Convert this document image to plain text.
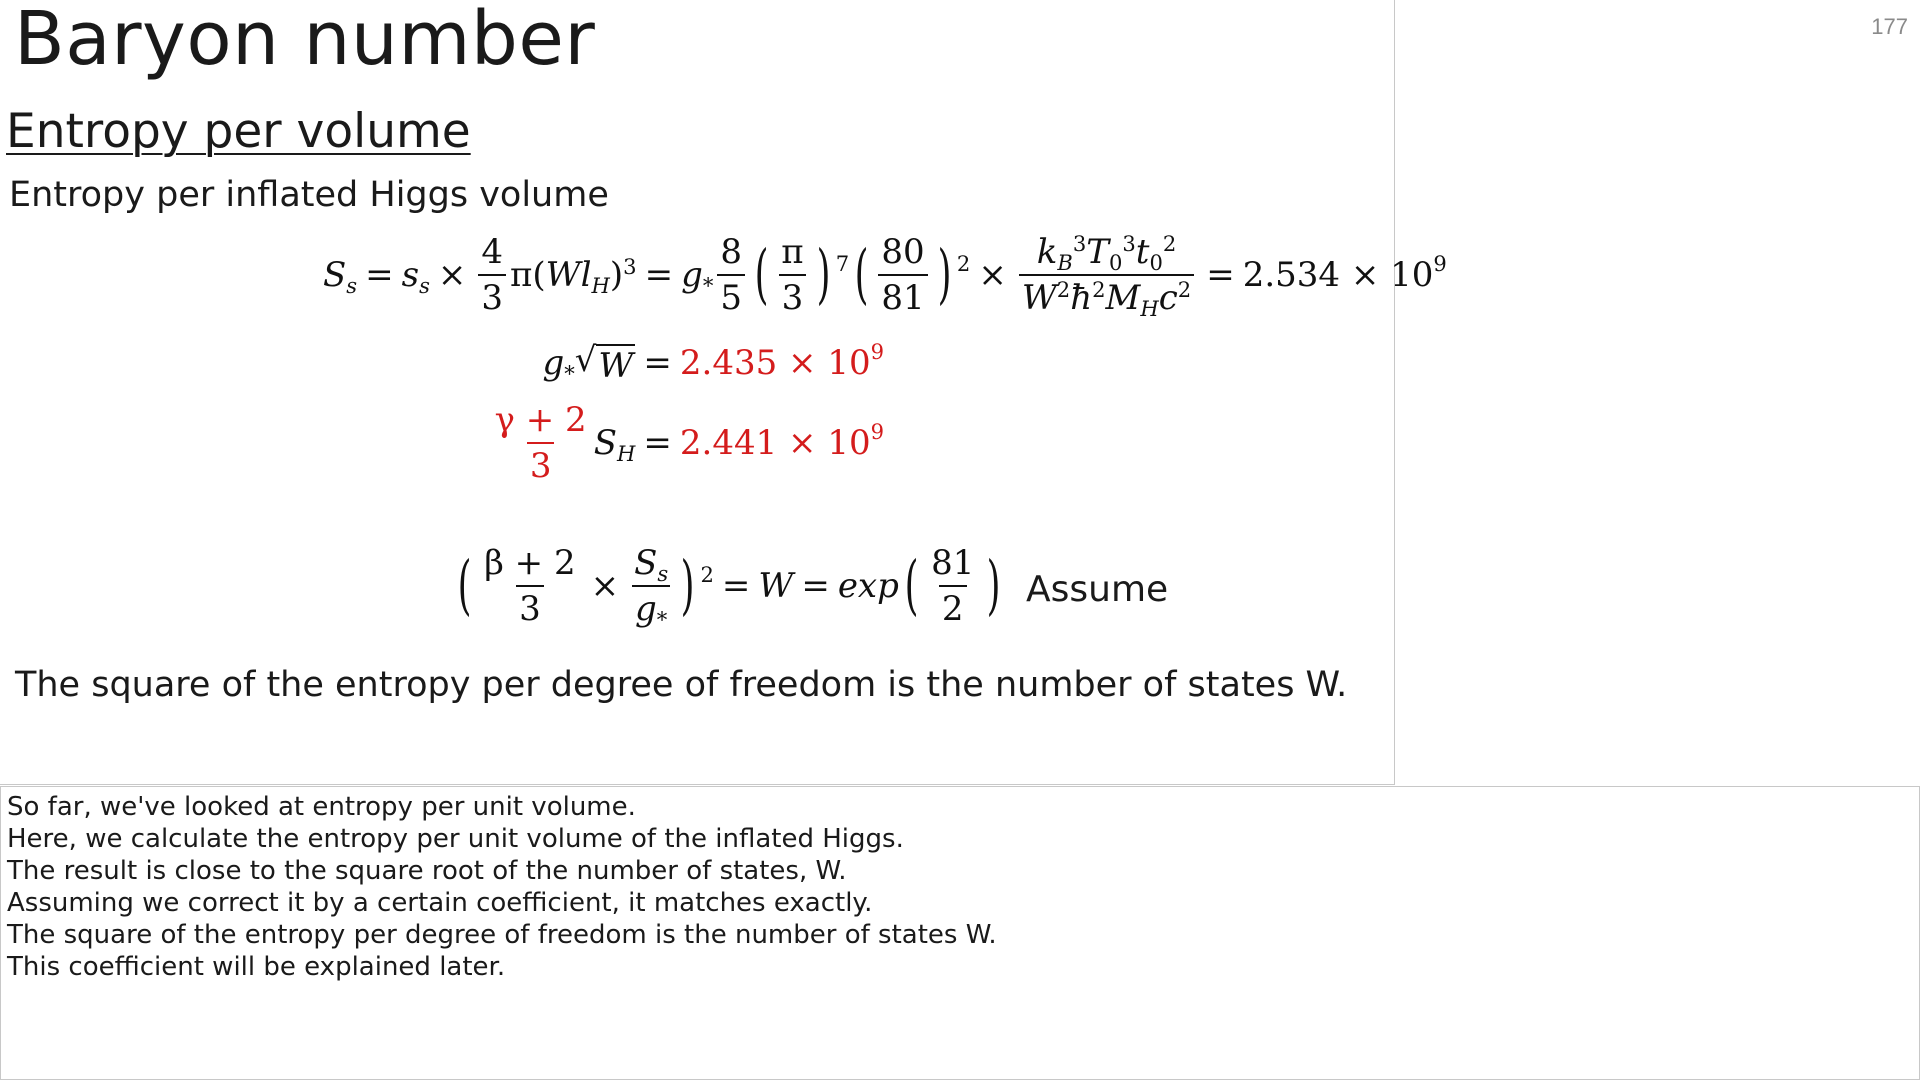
Baryon number
Entropy per volume
Entropy per inflated Higgs volume
$S_s = s_s \times \frac{4}{3} \pi(Wl_H)^3 = g_* \frac{8}{5}$ ( $\frac{\pi}{3}$ ) 7 ( $\frac{80}{81}$ ) $2 \times \frac{k_B^3T_0^3t_0^2}{W^2ħ^2M_Hc^2} = 2.534 \times 10$ 9
$g_*$ √ W = 2.435 × 10 9
$\frac{\gamma + 2}{3} S_H = 2.441 \times 10$ 9
( $\frac{\beta + 2}{3} \times \frac{S_s}{g_*}$ ) 2 = W = exp ( $\frac{81}{2}$ ) Assume
The square of the entropy per degree of freedom is the number of states W.
177
So far, we've looked at entropy per unit volume.
Here, we calculate the entropy per unit volume of the inflated Higgs.
The result is close to the square root of the number of states, W.
Assuming we correct it by a certain coefficient, it matches exactly.
The square of the entropy per degree of freedom is the number of states W.
This coefficient will be explained later.
